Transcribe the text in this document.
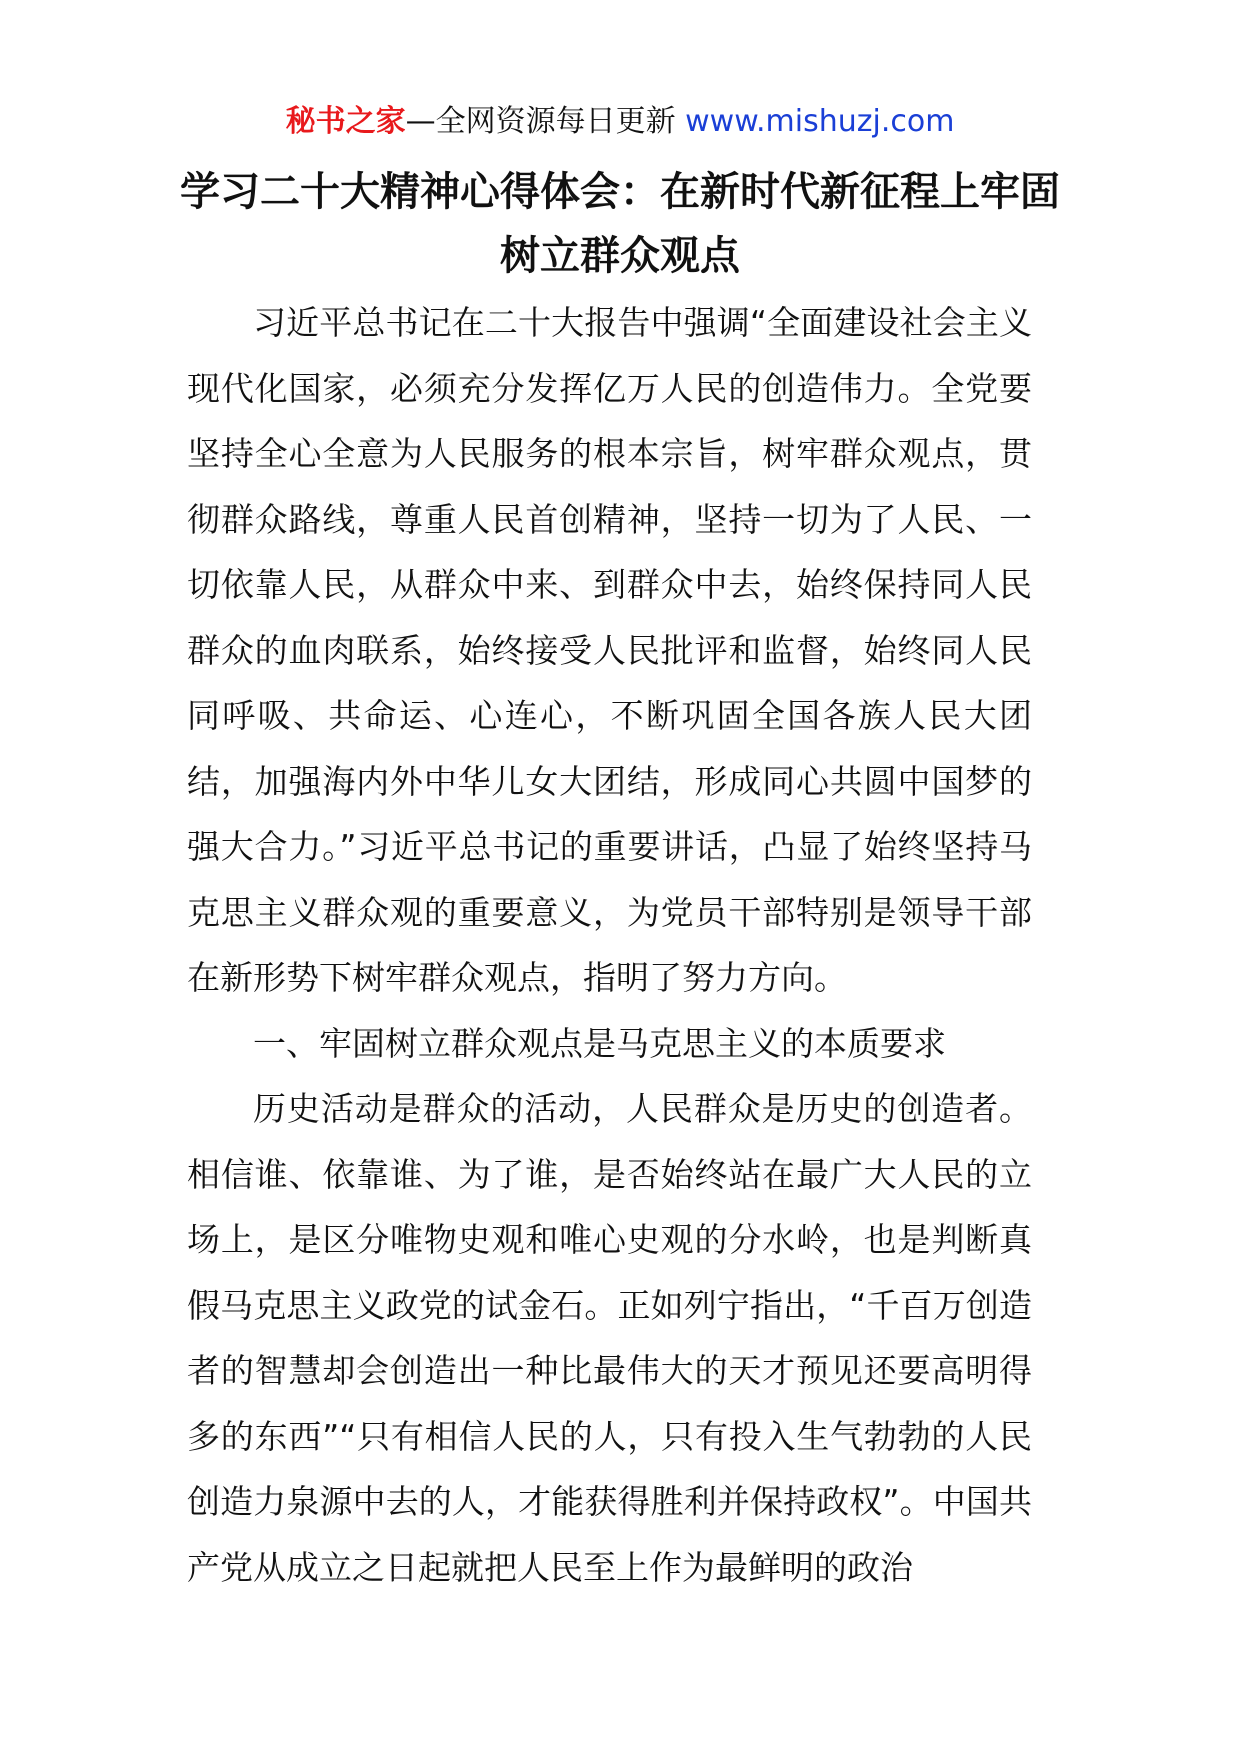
秘书之家—全网资源每日更新 www.mishuzj.com
学习二十大精神心得体会：在新时代新征程上牢固树立群众观点

习近平总书记在二十大报告中强调“全面建设社会主义现代化国家，必须充分发挥亿万人民的创造伟力。全党要坚持全心全意为人民服务的根本宗旨，树牢群众观点，贯彻群众路线，尊重人民首创精神，坚持一切为了人民、一切依靠人民，从群众中来、到群众中去，始终保持同人民群众的血肉联系，始终接受人民批评和监督，始终同人民同呼吸、共命运、心连心，不断巩固全国各族人民大团结，加强海内外中华儿女大团结，形成同心共圆中国梦的强大合力。”习近平总书记的重要讲话，凸显了始终坚持马克思主义群众观的重要意义，为党员干部特别是领导干部在新形势下树牢群众观点，指明了努力方向。

一、牢固树立群众观点是马克思主义的本质要求

历史活动是群众的活动，人民群众是历史的创造者。相信谁、依靠谁、为了谁，是否始终站在最广大人民的立场上，是区分唯物史观和唯心史观的分水岭，也是判断真假马克思主义政党的试金石。正如列宁指出，“千百万创造者的智慧却会创造出一种比最伟大的天才预见还要高明得多的东西”“只有相信人民的人，只有投入生气勃勃的人民创造力泉源中去的人，才能获得胜利并保持政权”。中国共产党从成立之日起就把人民至上作为最鲜明的政治
